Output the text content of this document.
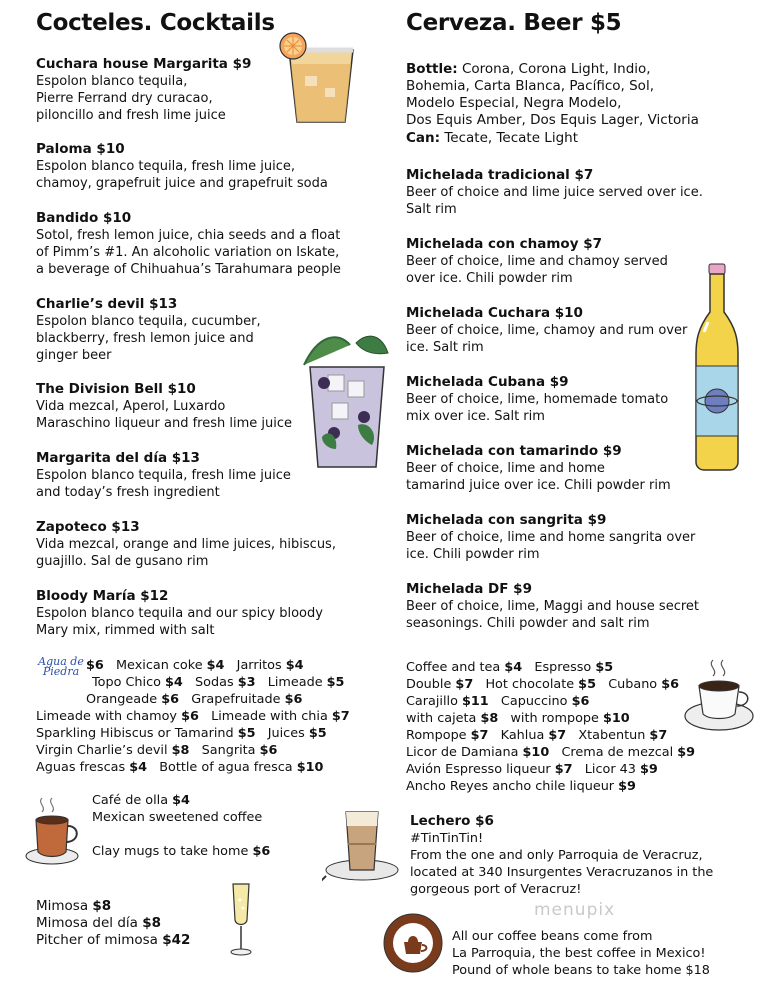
Cocteles. Cocktails
Cuchara house Margarita $9
Espolon blanco tequila,
Pierre Ferrand dry curacao,
piloncillo and fresh lime juice
Paloma $10
Espolon blanco tequila, fresh lime juice,
chamoy, grapefruit juice and grapefruit soda
Bandido $10
Sotol, fresh lemon juice, chia seeds and a float
of Pimm’s #1. An alcoholic variation on Iskate,
a beverage of Chihuahua’s Tarahumara people
Charlie’s devil $13
Espolon blanco tequila, cucumber,
blackberry, fresh lemon juice and
ginger beer
The Division Bell $10
Vida mezcal, Aperol, Luxardo
Maraschino liqueur and fresh lime juice
Margarita del día $13
Espolon blanco tequila, fresh lime juice
and today’s fresh ingredient
Zapoteco $13
Vida mezcal, orange and lime juices, hibiscus,
guajillo. Sal de gusano rim
Bloody María $12
Espolon blanco tequila and our spicy bloody
Mary mix, rimmed with salt
Agua de Piedra $6   Mexican coke $4   Jarritos $4
Topo Chico $4   Sodas $3   Limeade $5
Orangeade $6   Grapefruitade $6
Limeade with chamoy $6   Limeade with chia $7
Sparkling Hibiscus or Tamarind $5   Juices $5
Virgin Charlie’s devil $8   Sangrita $6
Aguas frescas $4   Bottle of agua fresca $10
Café de olla $4
Mexican sweetened coffee
Clay mugs to take home $6
Mimosa $8
Mimosa del día $8
Pitcher of mimosa $42
Cerveza. Beer $5
Bottle: Corona, Corona Light, Indio,
Bohemia, Carta Blanca, Pacífico, Sol,
Modelo Especial, Negra Modelo,
Dos Equis Amber, Dos Equis Lager, Victoria
Can: Tecate, Tecate Light
Michelada tradicional $7
Beer of choice and lime juice served over ice.
Salt rim
Michelada con chamoy $7
Beer of choice, lime and chamoy served
over ice. Chili powder rim
Michelada Cuchara $10
Beer of choice, lime, chamoy and rum over
ice. Salt rim
Michelada Cubana $9
Beer of choice, lime, homemade tomato
mix over ice. Salt rim
Michelada con tamarindo $9
Beer of choice, lime and home
tamarind juice over ice. Chili powder rim
Michelada con sangrita $9
Beer of choice, lime and home sangrita over
ice. Chili powder rim
Michelada DF $9
Beer of choice, lime, Maggi and house secret
seasonings. Chili powder and salt rim
Coffee and tea $4   Espresso $5
Double $7   Hot chocolate $5   Cubano $6
Carajillo $11   Capuccino $6
with cajeta $8   with rompope $10
Rompope $7   Kahlua $7   Xtabentun $7
Licor de Damiana $10   Crema de mezcal $9
Avión Espresso liqueur $7   Licor 43 $9
Ancho Reyes ancho chile liqueur $9
Lechero $6
#TinTinTin!
From the one and only Parroquia de Veracruz,
located at 340 Insurgentes Veracruzanos in the
gorgeous port of Veracruz!
All our coffee beans come from
La Parroquia, the best coffee in Mexico!
Pound of whole beans to take home $18
menupix
